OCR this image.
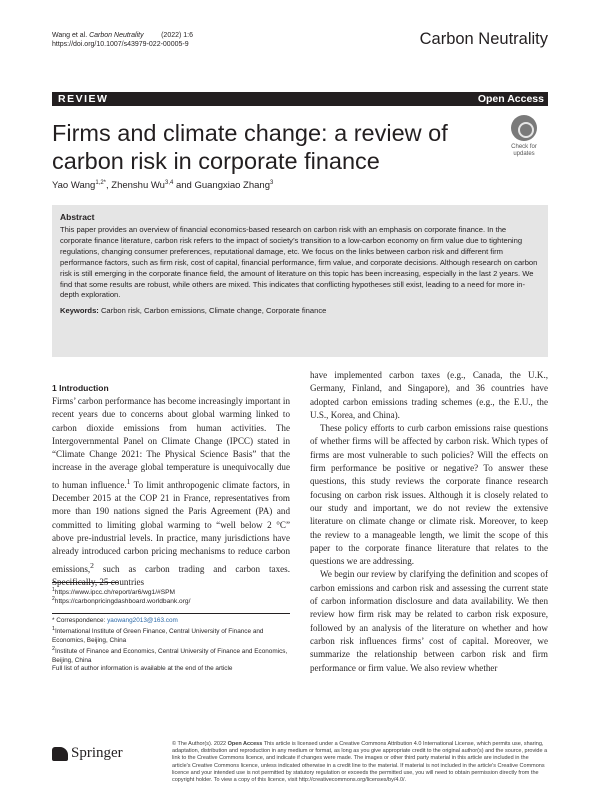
Wang et al. Carbon Neutrality	(2022) 1:6
https://doi.org/10.1007/s43979-022-00005-9	Carbon Neutrality
REVIEW	Open Access
Firms and climate change: a review of carbon risk in corporate finance
Check for updates
Yao Wang$^{1,2*}$, Zhenshu Wu$^{3,4}$ and Guangxiao Zhang$^3$
Abstract
This paper provides an overview of financial economics-based research on carbon risk with an emphasis on corporate finance. In the corporate finance literature, carbon risk refers to the impact of society’s transition to a low-carbon economy on firm value due to tightening regulations, changing consumer preferences, reputational damage, etc. We focus on the links between carbon risk and different firm performance factors, such as firm risk, cost of capital, financial performance, firm value, and corporate decisions. Although research on carbon risk is still emerging in the corporate finance field, the amount of literature on this topic has been increasing, especially in the last 2 years. We find that some results are robust, while others are mixed. This indicates that conflicting hypotheses still exist, leading to a need for more in-depth exploration.
Keywords: Carbon risk, Carbon emissions, Climate change, Corporate finance
1 Introduction

Firms’ carbon performance has become increasingly important in recent years due to concerns about global warming linked to carbon dioxide emissions from human activities. The Intergovernmental Panel on Climate Change (IPCC) stated in “Climate Change 2021: The Physical Science Basis” that the increase in the average global temperature is unequivocally due to human influence.$^1$ To limit anthropogenic climate factors, in December 2015 at the COP 21 in France, representatives from more than 190 nations signed the Paris Agreement (PA) and committed to limiting global warming to “well below 2 °C” above pre-industrial levels. In practice, many jurisdictions have already introduced carbon pricing mechanisms to reduce carbon emissions,$^2$ such as carbon trading and carbon taxes. Specifically, 25 countries

have implemented carbon taxes (e.g., Canada, the U.K., Germany, Finland, and Singapore), and 36 countries have adopted carbon emissions trading schemes (e.g., the E.U., the U.S., Korea, and China).

These policy efforts to curb carbon emissions raise questions of whether firms will be affected by carbon risk. Which types of firms are most vulnerable to such policies? Will the effects on firm performance be positive or negative? To answer these questions, this study reviews the corporate finance research focusing on carbon risk issues. Although it is closely related to our study and important, we do not review the extensive literature on climate change or climate risk. Moreover, to keep the review to a manageable length, we limit the scope of this paper to the corporate finance literature that relates to the questions we are addressing.

We begin our review by clarifying the definition and scopes of carbon emissions and carbon risk and assessing the current state of carbon information disclosure and data availability. We then review how firm risk may be related to carbon risk exposure, followed by an analysis of the literature on whether and how carbon risk influences firms’ cost of capital. Moreover, we summarize the relationship between carbon risk and firm performance or firm value. We also review whether

$^1$https://www.ipcc.ch/report/ar6/wg1/#SPM
$^2$https://carbonpricingdashboard.worldbank.org/
* Correspondence: yaowang2013@163.com
$^1$International Institute of Green Finance, Central University of Finance and Economics, Beijing, China
$^2$Institute of Finance and Economics, Central University of Finance and Economics, Beijing, China
Full list of author information is available at the end of the article
Springer
© The Author(s). 2022 Open Access This article is licensed under a Creative Commons Attribution 4.0 International License, which permits use, sharing, adaptation, distribution and reproduction in any medium or format, as long as you give appropriate credit to the original author(s) and the source, provide a link to the Creative Commons licence, and indicate if changes were made. The images or other third party material in this article are included in the article's Creative Commons licence, unless indicated otherwise in a credit line to the material. If material is not included in the article's Creative Commons licence and your intended use is not permitted by statutory regulation or exceeds the permitted use, you will need to obtain permission directly from the copyright holder. To view a copy of this licence, visit http://creativecommons.org/licenses/by/4.0/.
